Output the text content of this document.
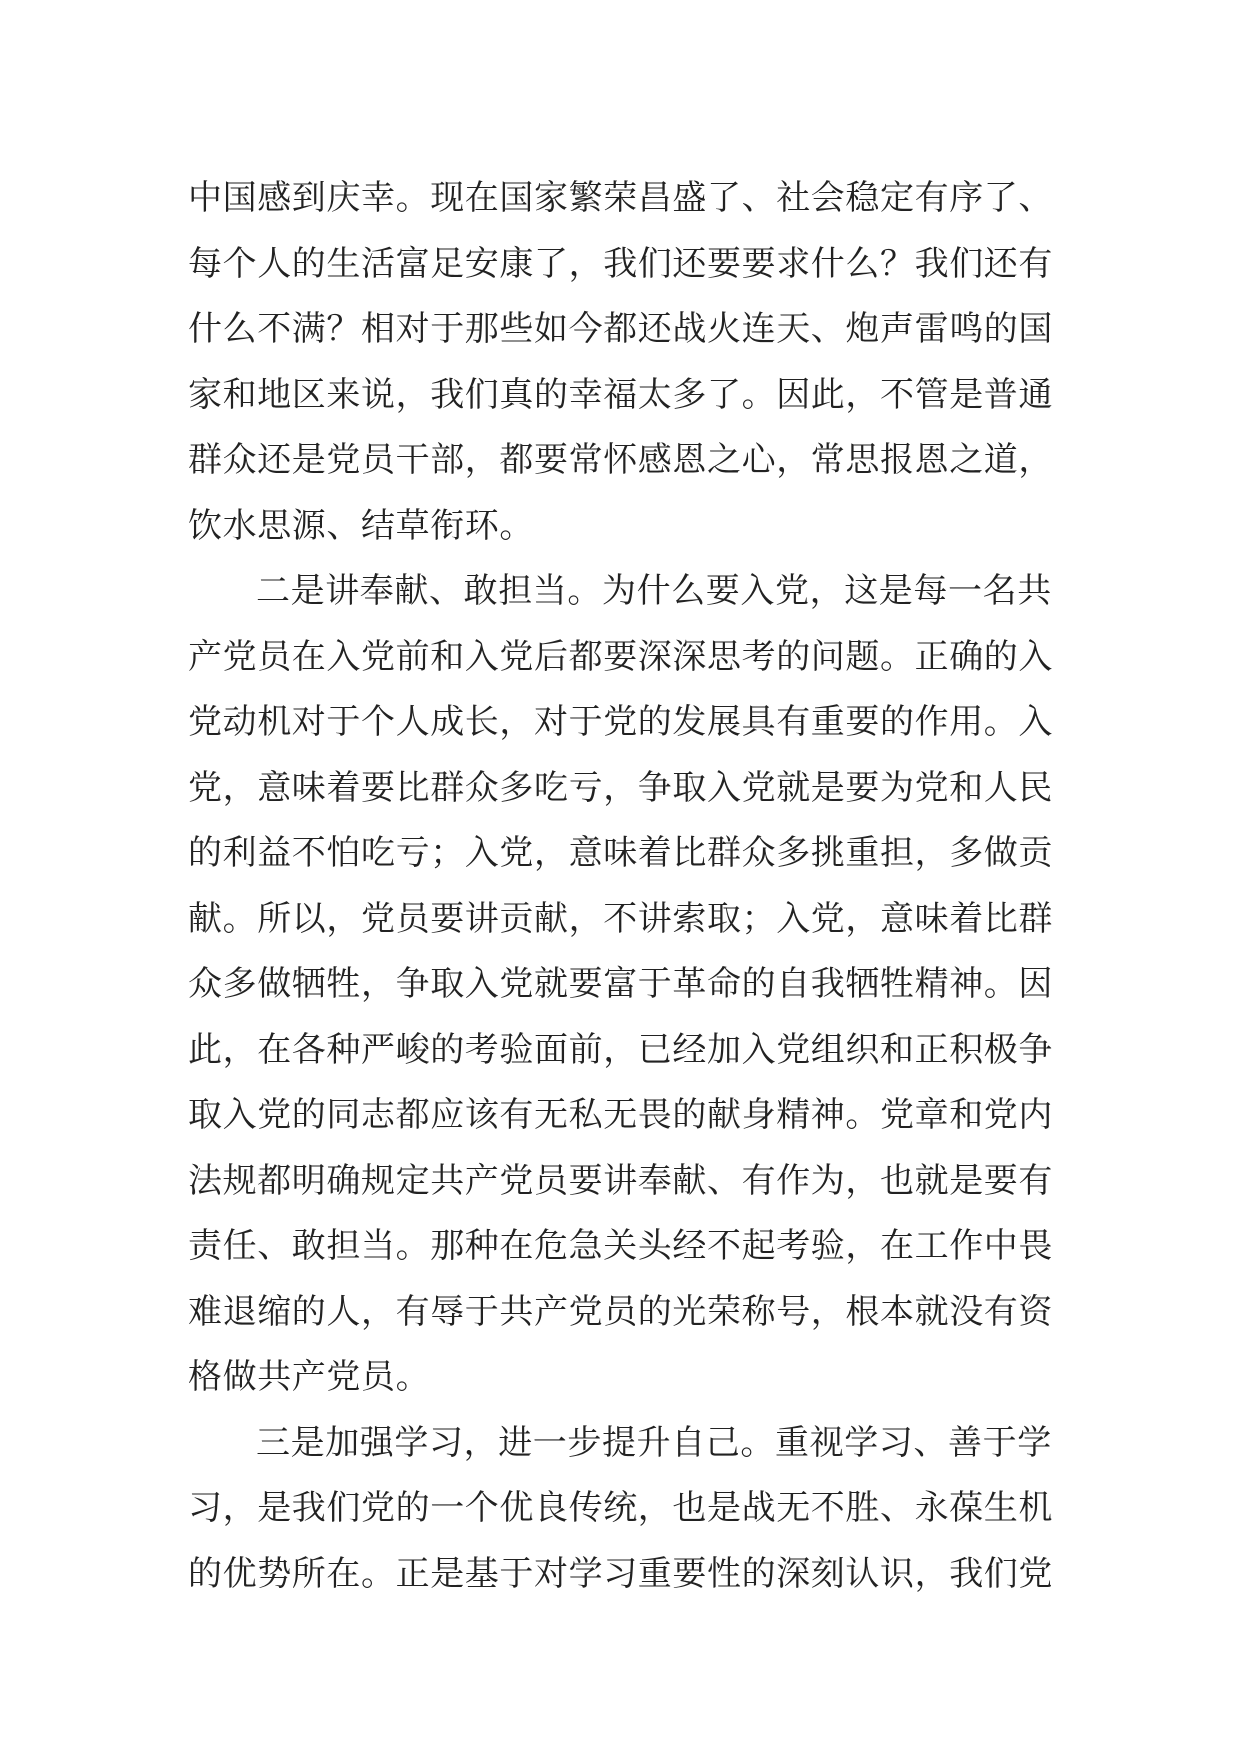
中国感到庆幸。现在国家繁荣昌盛了、社会稳定有序了、
每个人的生活富足安康了，我们还要要求什么？我们还有
什么不满？相对于那些如今都还战火连天、炮声雷鸣的国
家和地区来说，我们真的幸福太多了。因此，不管是普通
群众还是党员干部，都要常怀感恩之心，常思报恩之道，
饮水思源、结草衔环。
二是讲奉献、敢担当。为什么要入党，这是每一名共
产党员在入党前和入党后都要深深思考的问题。正确的入
党动机对于个人成长，对于党的发展具有重要的作用。入
党，意味着要比群众多吃亏，争取入党就是要为党和人民
的利益不怕吃亏；入党，意味着比群众多挑重担，多做贡
献。所以，党员要讲贡献，不讲索取；入党，意味着比群
众多做牺牲，争取入党就要富于革命的自我牺牲精神。因
此，在各种严峻的考验面前，已经加入党组织和正积极争
取入党的同志都应该有无私无畏的献身精神。党章和党内
法规都明确规定共产党员要讲奉献、有作为，也就是要有
责任、敢担当。那种在危急关头经不起考验，在工作中畏
难退缩的人，有辱于共产党员的光荣称号，根本就没有资
格做共产党员。
三是加强学习，进一步提升自己。重视学习、善于学
习，是我们党的一个优良传统，也是战无不胜、永葆生机
的优势所在。正是基于对学习重要性的深刻认识，我们党
